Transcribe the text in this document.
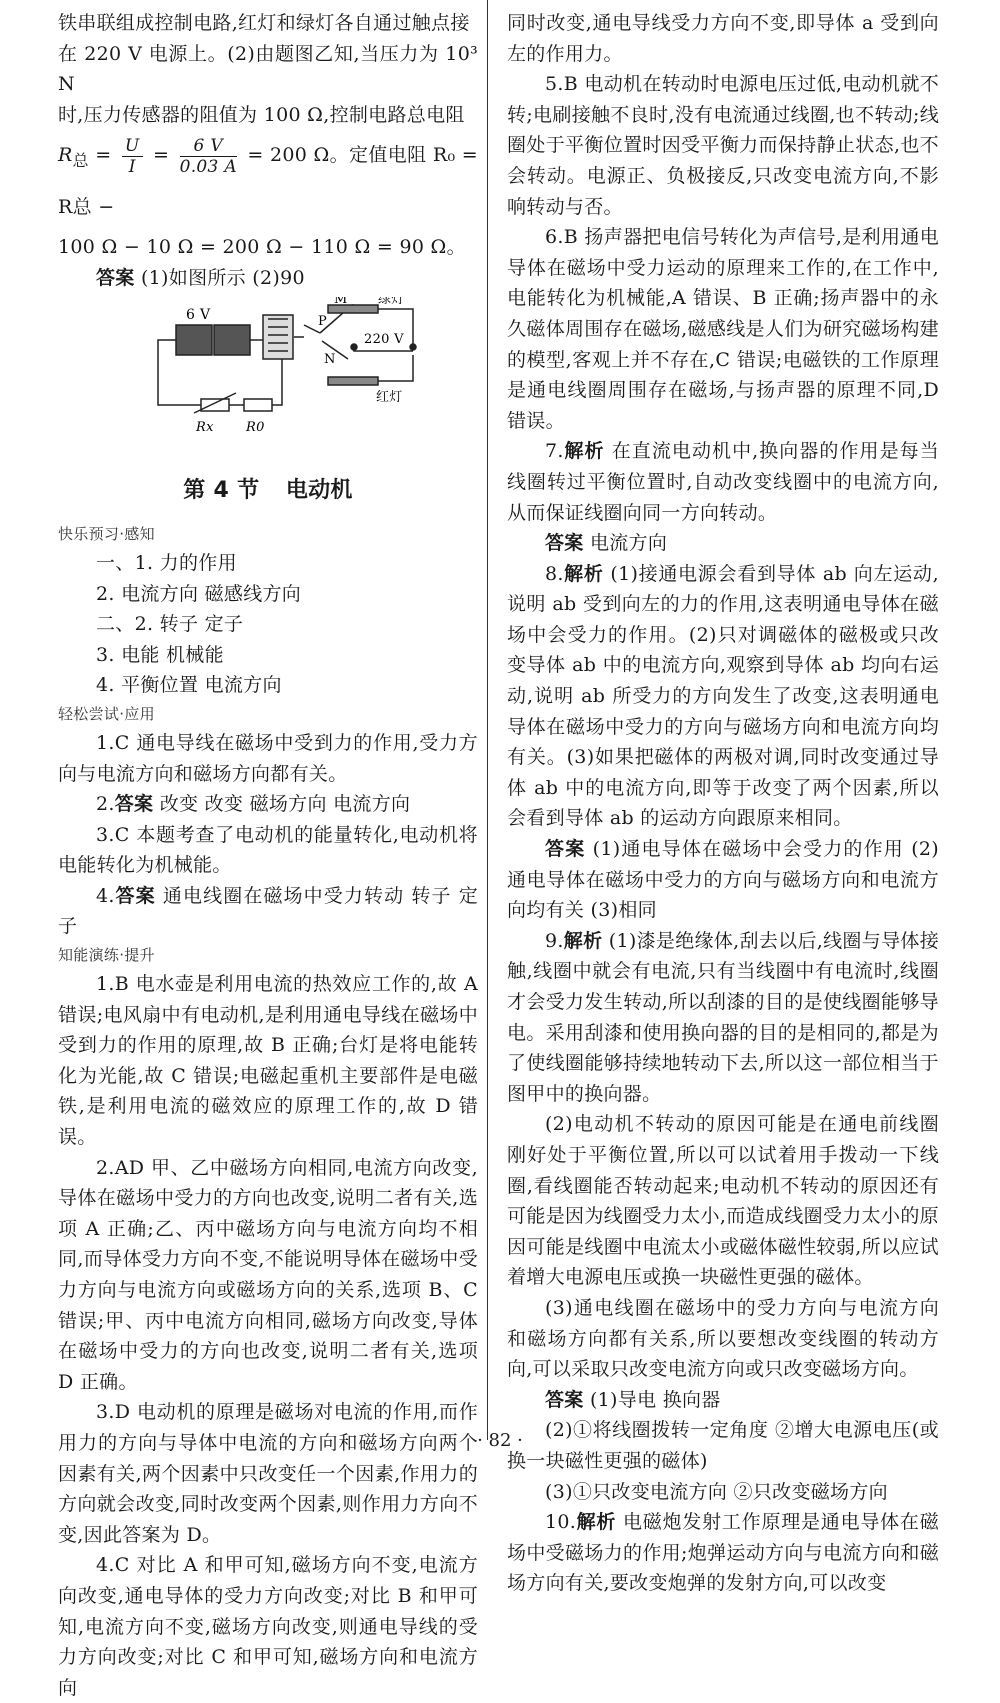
铁串联组成控制电路,红灯和绿灯各自通过触点接

在 220 V 电源上。(2)由题图乙知,当压力为 10³ N

时,压力传感器的阻值为 100 Ω,控制电路总电阻

$R_总 = \frac{U}{I} = \frac{6 V}{0.03 A} = 200$ Ω。定值电阻 R₀ = R总 −

100 Ω − 10 Ω = 200 Ω − 110 Ω = 90 Ω。

答案 (1)如图所示 (2)90

6 V	P
M
N
220 V
绿灯
红灯
Rx R0
第 4 节 电动机
快乐预习·感知

一、1. 力的作用

2. 电流方向 磁感线方向

二、2. 转子 定子

3. 电能 机械能

4. 平衡位置 电流方向

轻松尝试·应用

1.C 通电导线在磁场中受到力的作用,受力方向与电流方向和磁场方向都有关。

2.答案 改变 改变 磁场方向 电流方向

3.C 本题考查了电动机的能量转化,电动机将电能转化为机械能。

4.答案 通电线圈在磁场中受力转动 转子 定子

知能演练·提升

1.B 电水壶是利用电流的热效应工作的,故 A 错误;电风扇中有电动机,是利用通电导线在磁场中受到力的作用的原理,故 B 正确;台灯是将电能转化为光能,故 C 错误;电磁起重机主要部件是电磁铁,是利用电流的磁效应的原理工作的,故 D 错误。

2.AD 甲、乙中磁场方向相同,电流方向改变,导体在磁场中受力的方向也改变,说明二者有关,选项 A 正确;乙、丙中磁场方向与电流方向均不相同,而导体受力方向不变,不能说明导体在磁场中受力方向与电流方向或磁场方向的关系,选项 B、C 错误;甲、丙中电流方向相同,磁场方向改变,导体在磁场中受力的方向也改变,说明二者有关,选项 D 正确。

3.D 电动机的原理是磁场对电流的作用,而作用力的方向与导体中电流的方向和磁场方向两个因素有关,两个因素中只改变任一个因素,作用力的方向就会改变,同时改变两个因素,则作用力方向不变,因此答案为 D。

4.C 对比 A 和甲可知,磁场方向不变,电流方向改变,通电导体的受力方向改变;对比 B 和甲可知,电流方向不变,磁场方向改变,则通电导线的受力方向改变;对比 C 和甲可知,磁场方向和电流方向

同时改变,通电导线受力方向不变,即导体 a 受到向左的作用力。

5.B 电动机在转动时电源电压过低,电动机就不转;电刷接触不良时,没有电流通过线圈,也不转动;线圈处于平衡位置时因受平衡力而保持静止状态,也不会转动。电源正、负极接反,只改变电流方向,不影响转动与否。

6.B 扬声器把电信号转化为声信号,是利用通电导体在磁场中受力运动的原理来工作的,在工作中,电能转化为机械能,A 错误、B 正确;扬声器中的永久磁体周围存在磁场,磁感线是人们为研究磁场构建的模型,客观上并不存在,C 错误;电磁铁的工作原理是通电线圈周围存在磁场,与扬声器的原理不同,D 错误。

7.解析 在直流电动机中,换向器的作用是每当线圈转过平衡位置时,自动改变线圈中的电流方向,从而保证线圈向同一方向转动。

答案 电流方向

8.解析 (1)接通电源会看到导体 ab 向左运动,说明 ab 受到向左的力的作用,这表明通电导体在磁场中会受力的作用。(2)只对调磁体的磁极或只改变导体 ab 中的电流方向,观察到导体 ab 均向右运动,说明 ab 所受力的方向发生了改变,这表明通电导体在磁场中受力的方向与磁场方向和电流方向均有关。(3)如果把磁体的两极对调,同时改变通过导体 ab 中的电流方向,即等于改变了两个因素,所以会看到导体 ab 的运动方向跟原来相同。

答案 (1)通电导体在磁场中会受力的作用 (2)通电导体在磁场中受力的方向与磁场方向和电流方向均有关 (3)相同

9.解析 (1)漆是绝缘体,刮去以后,线圈与导体接触,线圈中就会有电流,只有当线圈中有电流时,线圈才会受力发生转动,所以刮漆的目的是使线圈能够导电。采用刮漆和使用换向器的目的是相同的,都是为了使线圈能够持续地转动下去,所以这一部位相当于图甲中的换向器。

(2)电动机不转动的原因可能是在通电前线圈刚好处于平衡位置,所以可以试着用手拨动一下线圈,看线圈能否转动起来;电动机不转动的原因还有可能是因为线圈受力太小,而造成线圈受力太小的原因可能是线圈中电流太小或磁体磁性较弱,所以应试着增大电源电压或换一块磁性更强的磁体。

(3)通电线圈在磁场中的受力方向与电流方向和磁场方向都有关系,所以要想改变线圈的转动方向,可以采取只改变电流方向或只改变磁场方向。

答案 (1)导电 换向器

(2)①将线圈拨转一定角度 ②增大电源电压(或换一块磁性更强的磁体)

(3)①只改变电流方向 ②只改变磁场方向

10.解析 电磁炮发射工作原理是通电导体在磁场中受磁场力的作用;炮弹运动方向与电流方向和磁场方向有关,要改变炮弹的发射方向,可以改变

· 82 ·
